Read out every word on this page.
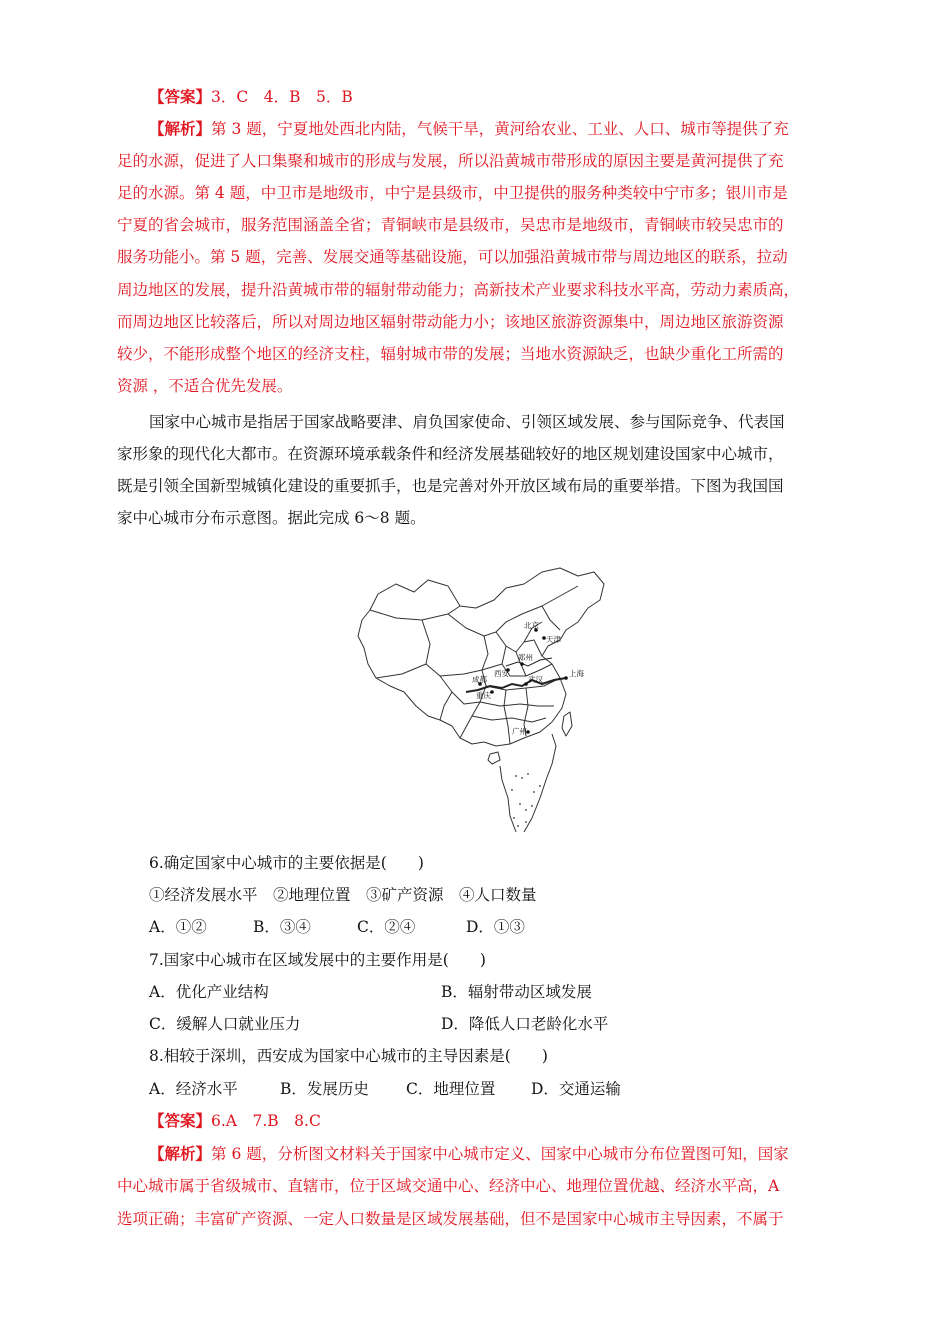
【答案】3．C　4．B　5．B
【解析】第 3 题，宁夏地处西北内陆，气候干旱，黄河给农业、工业、人口、城市等提供了充
足的水源，促进了人口集聚和城市的形成与发展，所以沿黄城市带形成的原因主要是黄河提供了充
足的水源。第 4 题，中卫市是地级市，中宁是县级市，中卫提供的服务种类较中宁市多；银川市是
宁夏的省会城市，服务范围涵盖全省；青铜峡市是县级市，吴忠市是地级市，青铜峡市较吴忠市的
服务功能小。第 5 题，完善、发展交通等基础设施，可以加强沿黄城市带与周边地区的联系，拉动
周边地区的发展，提升沿黄城市带的辐射带动能力；高新技术产业要求科技水平高，劳动力素质高，
而周边地区比较落后，所以对周边地区辐射带动能力小；该地区旅游资源集中，周边地区旅游资源
较少，不能形成整个地区的经济支柱，辐射城市带的发展；当地水资源缺乏，也缺少重化工所需的
资源 ，不适合优先发展。
国家中心城市是指居于国家战略要津、肩负国家使命、引领区域发展、参与国际竞争、代表国
家形象的现代化大都市。在资源环境承载条件和经济发展基础较好的地区规划建设国家中心城市，
既是引领全国新型城镇化建设的重要抓手，也是完善对外开放区域布局的重要举措。下图为我国国
家中心城市分布示意图。据此完成 6～8 题。
北京
天津
郑州
西安
成都	武汉
重庆
上海
广州
6.确定国家中心城市的主要依据是(　　)
①经济发展水平　②地理位置　③矿产资源　④人口数量
A．①②	B．③④	C．②④	D．①③
7.国家中心城市在区域发展中的主要作用是(　　)
A．优化产业结构	B．辐射带动区域发展
C．缓解人口就业压力	D．降低人口老龄化水平
8.相较于深圳，西安成为国家中心城市的主导因素是(　　)
A．经济水平	B．发展历史 C．地理位置 D．交通运输
【答案】6.A　7.B　8.C
【解析】第 6 题，分析图文材料关于国家中心城市定义、国家中心城市分布位置图可知，国家
中心城市属于省级城市、直辖市，位于区域交通中心、经济中心、地理位置优越、经济水平高，A
选项正确；丰富矿产资源、一定人口数量是区域发展基础，但不是国家中心城市主导因素，不属于
